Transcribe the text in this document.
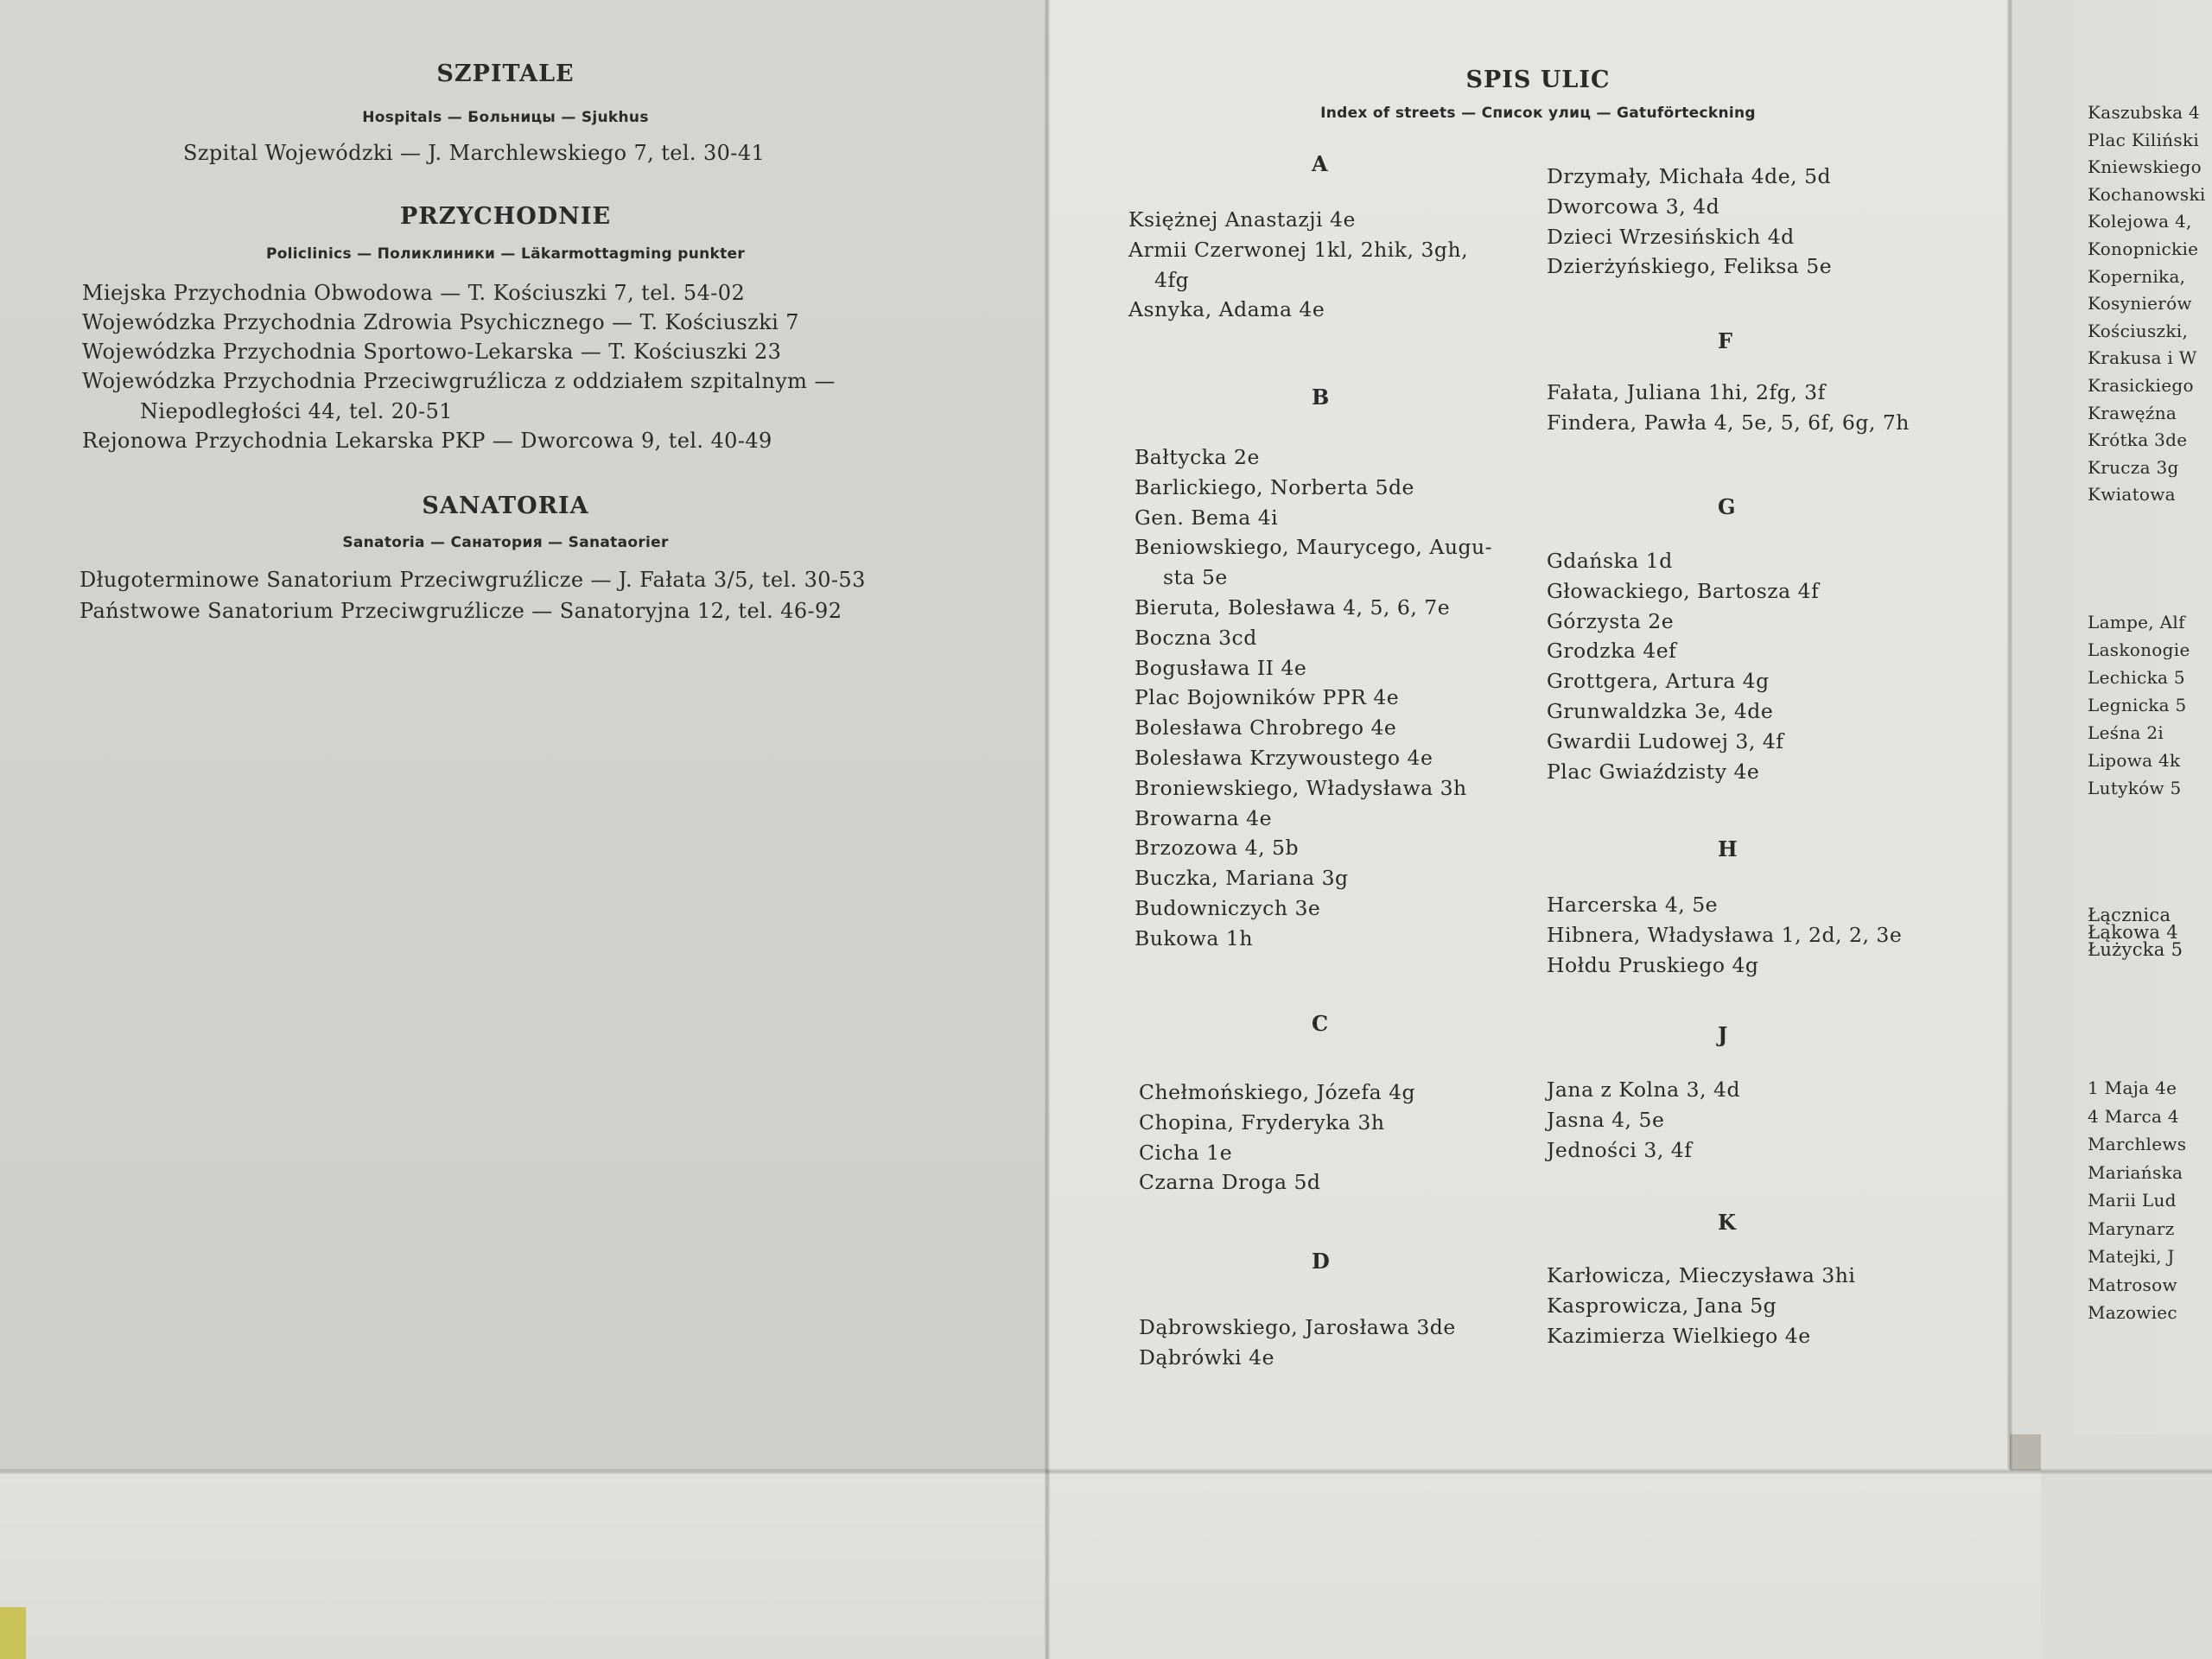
SZPITALE
Hospitals — Больницы — Sjukhus
Szpital Wojewódzki — J. Marchlewskiego 7, tel. 30-41
PRZYCHODNIE
Policlinics — Поликлиники — Läkarmottagming punkter
Miejska Przychodnia Obwodowa — T. Kościuszki 7, tel. 54-02
Wojewódzka Przychodnia Zdrowia Psychicznego — T. Kościuszki 7
Wojewódzka Przychodnia Sportowo-Lekarska — T. Kościuszki 23
Wojewódzka Przychodnia Przeciwgruźlicza z oddziałem szpitalnym —
Niepodległości 44, tel. 20-51
Rejonowa Przychodnia Lekarska PKP — Dworcowa 9, tel. 40-49
SANATORIA
Sanatoria — Санатория — Sanataorier
Długoterminowe Sanatorium Przeciwgruźlicze — J. Fałata 3/5, tel. 30-53
Państwowe Sanatorium Przeciwgruźlicze — Sanatoryjna 12, tel. 46-92
SPIS ULIC
Index of streets — Список улиц — Gatuförteckning
A
Księżnej Anastazji 4e
Armii Czerwonej 1kl, 2hik, 3gh,
4fg
Asnyka, Adama 4e
B
Bałtycka 2e
Barlickiego, Norberta 5de
Gen. Bema 4i
Beniowskiego, Maurycego, Augu-
sta 5e
Bieruta, Bolesława 4, 5, 6, 7e
Boczna 3cd
Bogusława II 4e
Plac Bojowników PPR 4e
Bolesława Chrobrego 4e
Bolesława Krzywoustego 4e
Broniewskiego, Władysława 3h
Browarna 4e
Brzozowa 4, 5b
Buczka, Mariana 3g
Budowniczych 3e
Bukowa 1h
C
Chełmońskiego, Józefa 4g
Chopina, Fryderyka 3h
Cicha 1e
Czarna Droga 5d
D
Dąbrowskiego, Jarosława 3de
Dąbrówki 4e
Drzymały, Michała 4de, 5d
Dworcowa 3, 4d
Dzieci Wrzesińskich 4d
Dzierżyńskiego, Feliksa 5e
F
Fałata, Juliana 1hi, 2fg, 3f
Findera, Pawła 4, 5e, 5, 6f, 6g, 7h
G
Gdańska 1d
Głowackiego, Bartosza 4f
Górzysta 2e
Grodzka 4ef
Grottgera, Artura 4g
Grunwaldzka 3e, 4de
Gwardii Ludowej 3, 4f
Plac Gwiaździsty 4e
H
Harcerska 4, 5e
Hibnera, Władysława 1, 2d, 2, 3e
Hołdu Pruskiego 4g
J
Jana z Kolna 3, 4d
Jasna 4, 5e
Jedności 3, 4f
K
Karłowicza, Mieczysława 3hi
Kasprowicza, Jana 5g
Kazimierza Wielkiego 4e
Kaszubska 4
Plac Kiliński
Kniewskiego
Kochanowski
Kolejowa 4,
Konopnickie
Kopernika,
Kosynierów
Kościuszki,
Krakusa i W
Krasickiego
Krawęźna
Krótka 3de
Krucza 3g
Kwiatowa
Lampe, Alf
Laskonogie
Lechicka 5
Legnicka 5
Leśna 2i
Lipowa 4k
Lutyków 5
Łącznica
Łąkowa 4
Łużycka 5
1 Maja 4e
4 Marca 4
Marchlews
Mariańska
Marii Lud
Marynarz
Matejki, J
Matrosow
Mazowiec
